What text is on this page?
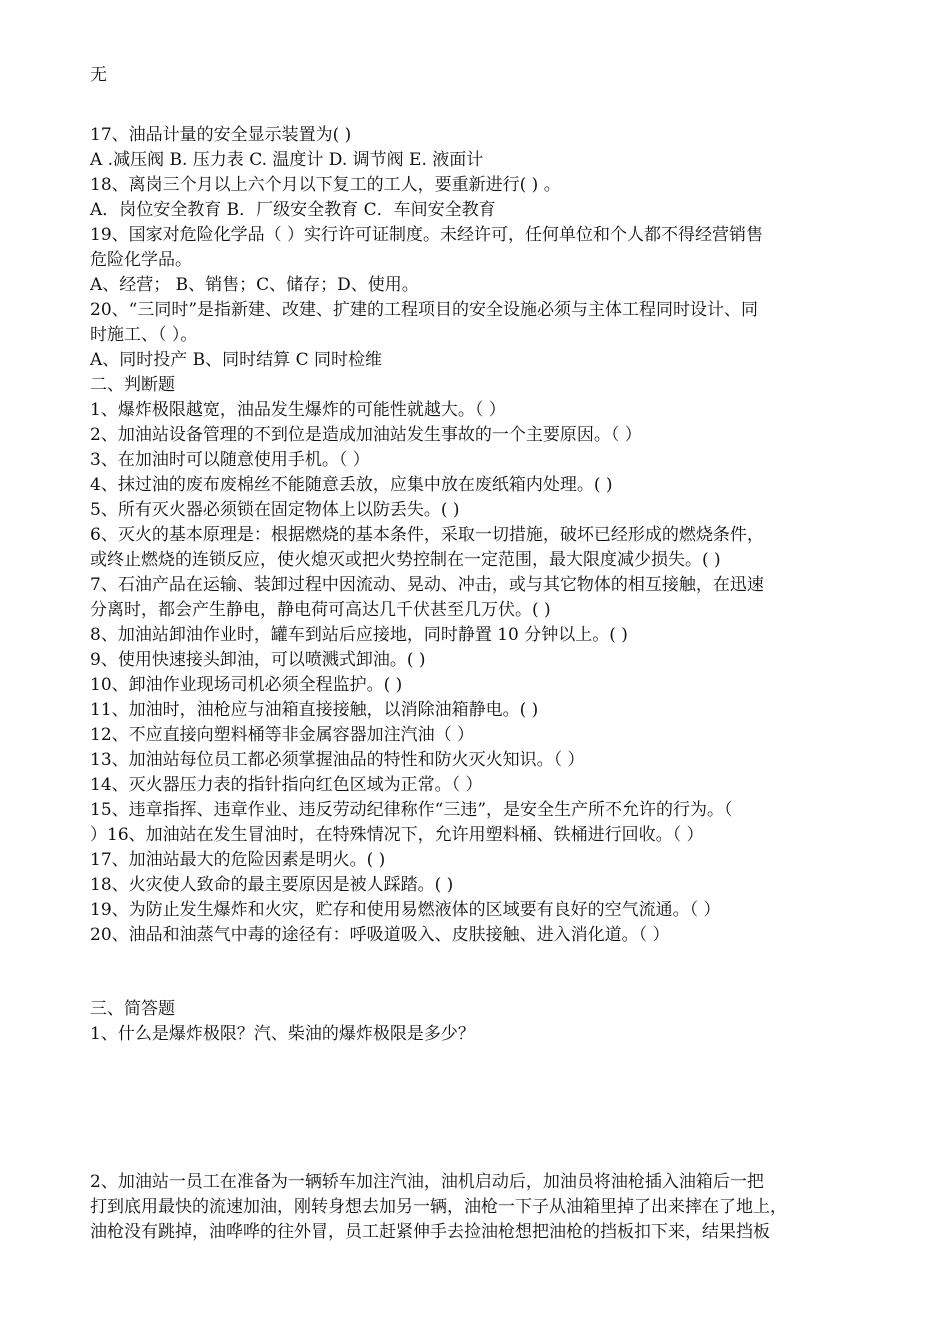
无
17、油品计量的安全显示装置为( )
A .减压阀 B. 压力表 C. 温度计 D. 调节阀 E. 液面计
18、离岗三个月以上六个月以下复工的工人，要重新进行( ) 。
A．岗位安全教育 B．厂级安全教育 C．车间安全教育
19、国家对危险化学品（ ）实行许可证制度。未经许可，任何单位和个人都不得经营销售
危险化学品。
A、经营； B、销售；C、储存；D、使用。
20、“三同时”是指新建、改建、扩建的工程项目的安全设施必须与主体工程同时设计、同
时施工、（ ）。
A、同时投产 B、同时结算 C 同时检维
二、判断题
1、爆炸极限越宽，油品发生爆炸的可能性就越大。（ ）
2、加油站设备管理的不到位是造成加油站发生事故的一个主要原因。（ ）
3、在加油时可以随意使用手机。（ ）
4、抹过油的废布废棉丝不能随意丢放，应集中放在废纸箱内处理。( )
5、所有灭火器必须锁在固定物体上以防丢失。( )
6、灭火的基本原理是：根据燃烧的基本条件，采取一切措施，破坏已经形成的燃烧条件，
或终止燃烧的连锁反应，使火熄灭或把火势控制在一定范围，最大限度减少损失。( )
7、石油产品在运输、装卸过程中因流动、晃动、冲击，或与其它物体的相互接触，在迅速
分离时，都会产生静电，静电荷可高达几千伏甚至几万伏。( )
8、加油站卸油作业时，罐车到站后应接地，同时静置 10 分钟以上。( )
9、使用快速接头卸油，可以喷溅式卸油。( )
10、卸油作业现场司机必须全程监护。( )
11、加油时，油枪应与油箱直接接触，以消除油箱静电。( )
12、不应直接向塑料桶等非金属容器加注汽油（ ）
13、加油站每位员工都必须掌握油品的特性和防火灭火知识。（ ）
14、灭火器压力表的指针指向红色区域为正常。（ ）
15、违章指挥、违章作业、违反劳动纪律称作“三违”，是安全生产所不允许的行为。（
）16、加油站在发生冒油时，在特殊情况下，允许用塑料桶、铁桶进行回收。（ ）
17、加油站最大的危险因素是明火。( )
18、火灾使人致命的最主要原因是被人踩踏。( )
19、为防止发生爆炸和火灾，贮存和使用易燃液体的区域要有良好的空气流通。（ ）
20、油品和油蒸气中毒的途径有：呼吸道吸入、皮肤接触、进入消化道。（ ）
三、简答题
1、什么是爆炸极限？汽、柴油的爆炸极限是多少？
2、加油站一员工在准备为一辆轿车加注汽油，油机启动后，加油员将油枪插入油箱后一把
打到底用最快的流速加油，刚转身想去加另一辆，油枪一下子从油箱里掉了出来摔在了地上，
油枪没有跳掉，油哗哗的往外冒，员工赶紧伸手去捡油枪想把油枪的挡板扣下来，结果挡板
